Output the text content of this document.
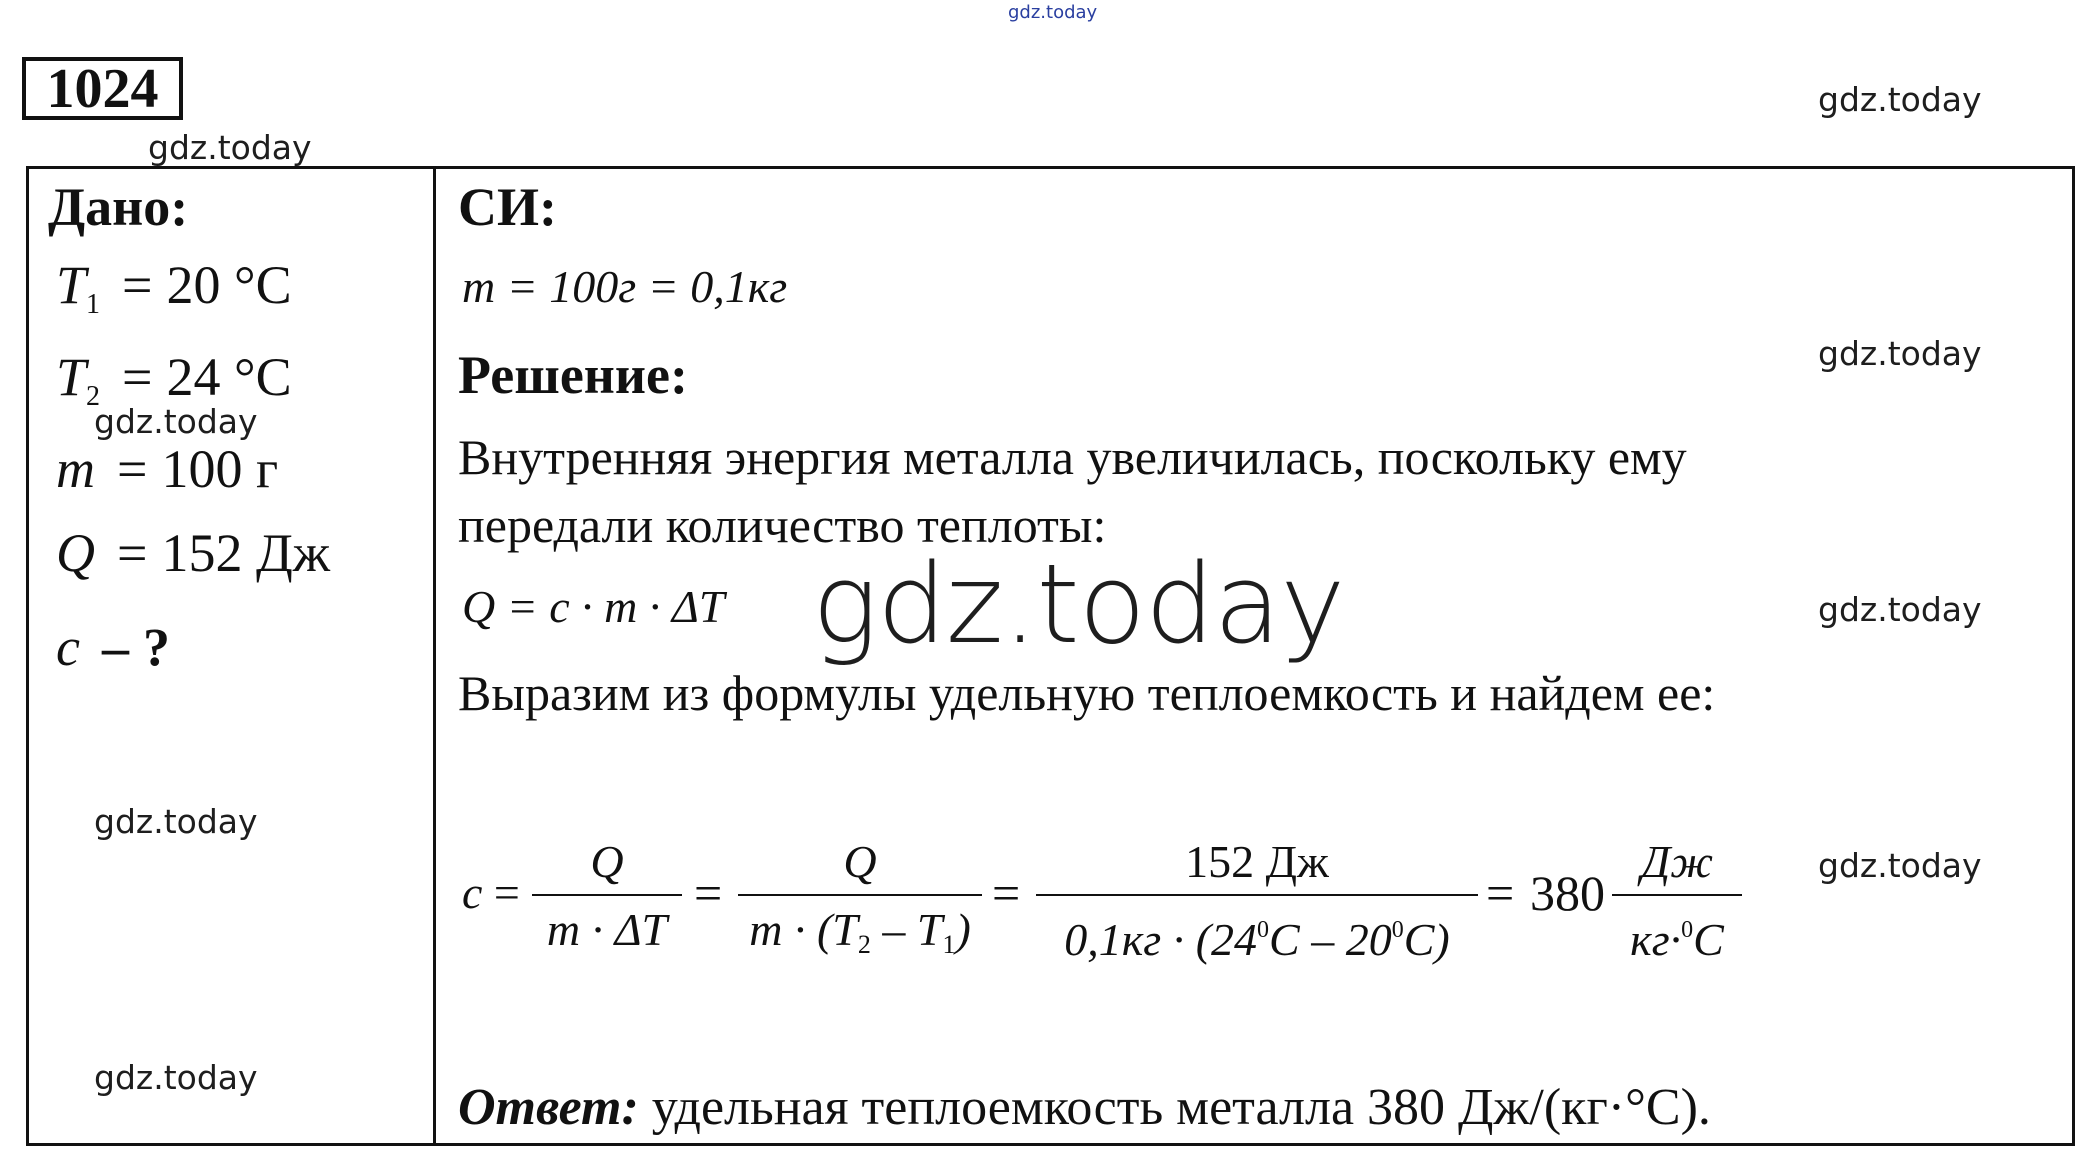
gdz.today
gdz.today
gdz.today
gdz.today
gdz.today
gdz.today
gdz.today
gdz.today
1024
Дано:
$T_1 = 20$ °C
$T_2 = 24$ °C
gdz.today
m = 100 г
Q = 152 Дж
c – ?
СИ:
m = 100г = 0,1кг
Решение:
Внутренняя энергия металла увеличилась, поскольку ему
передали количество теплоты:
Q = c · m · ΔT gdz.today
Выразим из формулы удельную теплоемкость и найдем ее:
c =
Q
m · ΔT
=
Q
$m \cdot (T_2 - T_1)$
=
152 Дж
$0,1кг \cdot (24^0C - 20^0C)$
= 380
Дж
кг·$^0$C
Ответ: удельная теплоемкость металла 380 Дж/(кг·°С).
